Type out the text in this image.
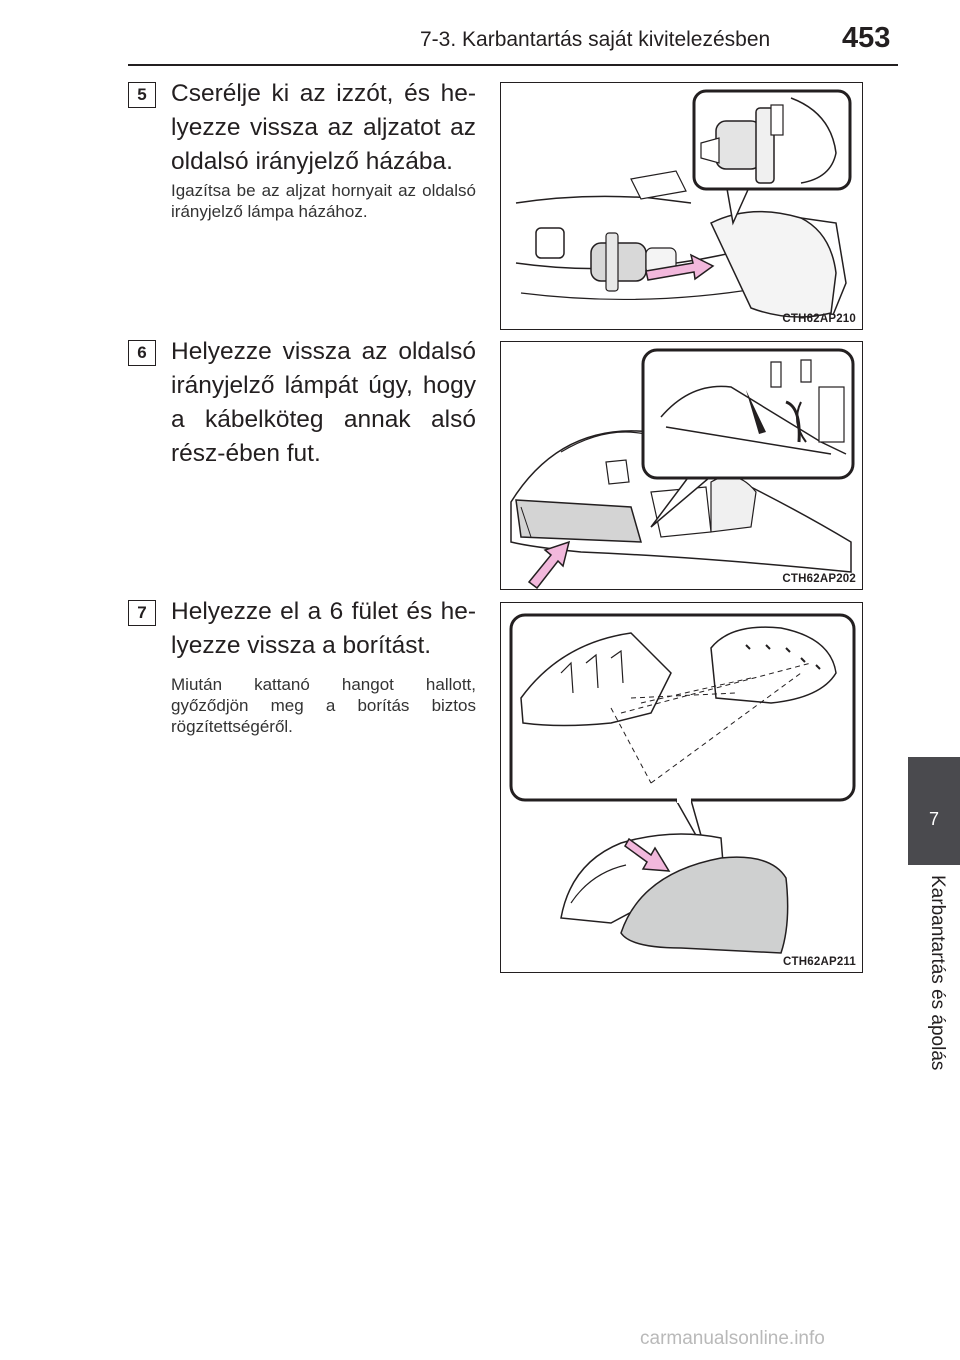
7-3. Karbantartás saját kivitelezésben 453
5 Cserélje ki az izzót, és he-lyezze vissza az aljzatot az oldalsó irányjelző házába.

Igazítsa be az aljzat hornyait az oldalsó irányjelző lámpa házához.

CTH62AP210
6 Helyezze vissza az oldalsó irányjelző lámpát úgy, hogy a kábelköteg annak alsó rész-ében fut.

CTH62AP202
7 Helyezze el a 6 fület és he-lyezze vissza a borítást.

Miután kattanó hangot hallott, győződjön meg a borítás biztos rögzítettségéről.

CTH62AP211
7
Karbantartás és ápolás
carmanualsonline.info
